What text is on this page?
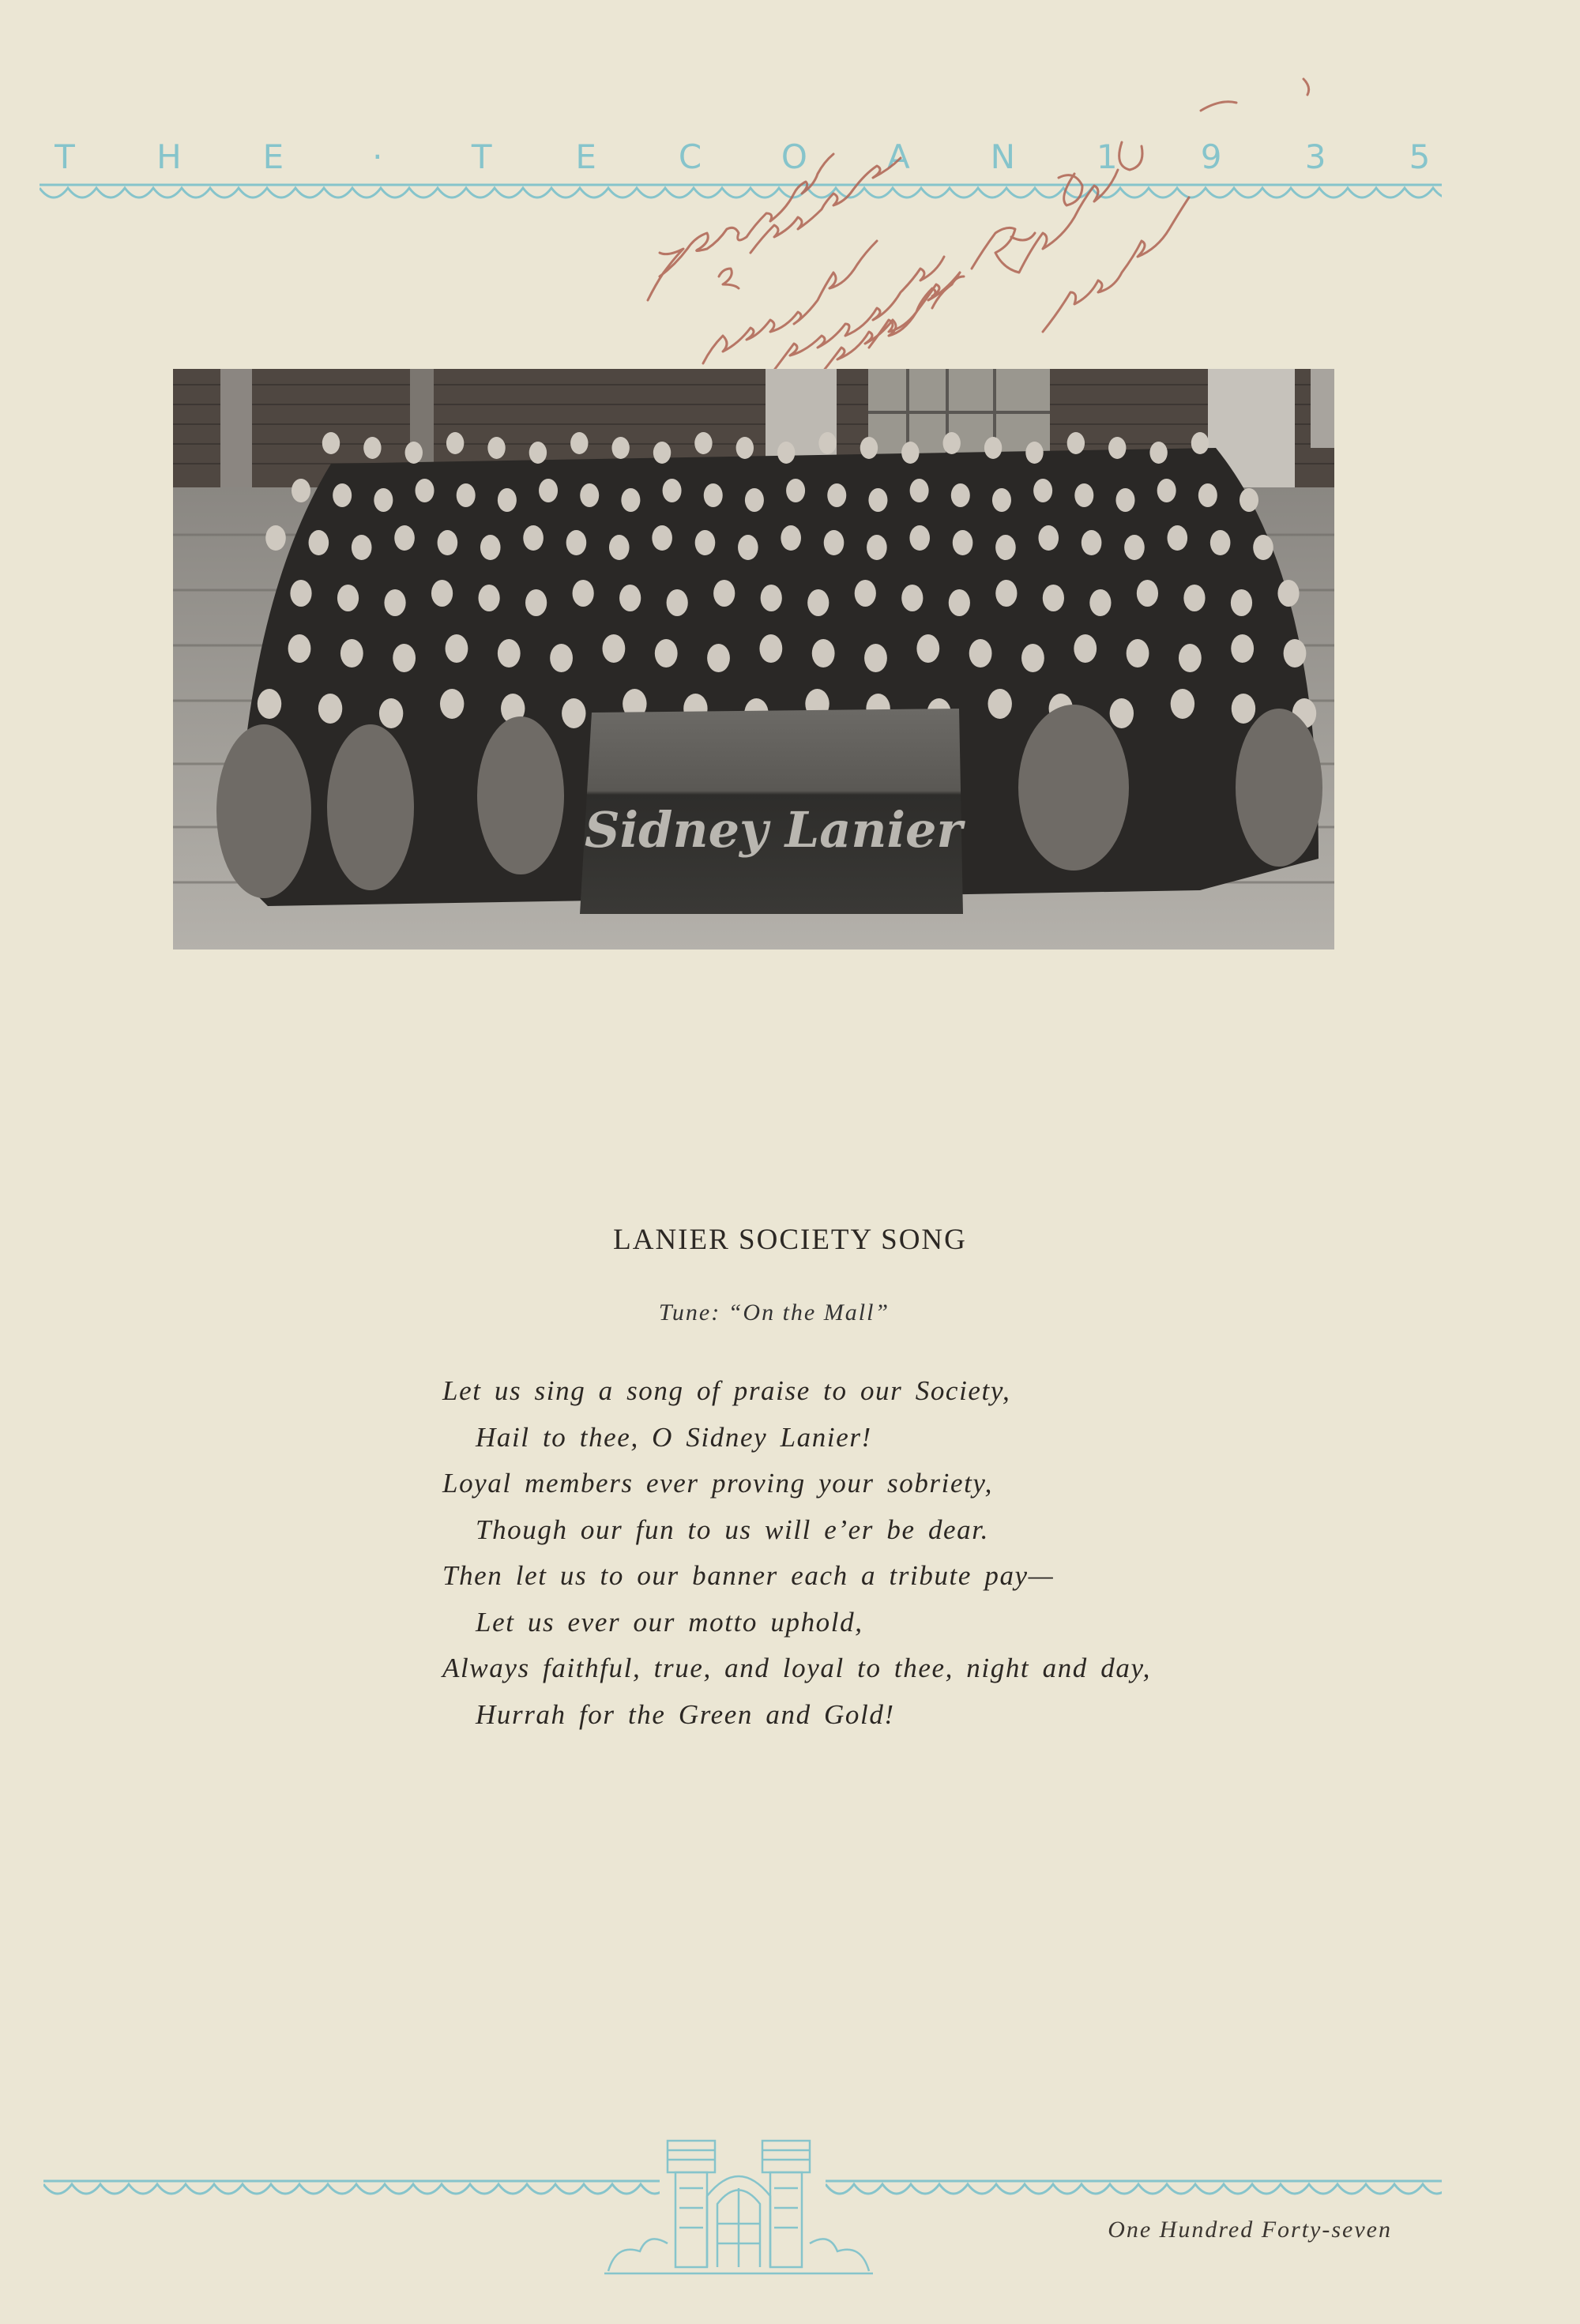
T	H	E	·	T	E	C	O	A	N	1	9	3	5
Sidney Lanier
LANIER SOCIETY SONG
Tune: “On the Mall”
Let us sing a song of praise to our Society,
Hail to thee, O Sidney Lanier!
Loyal members ever proving your sobriety,
Though our fun to us will e’er be dear.
Then let us to our banner each a tribute pay—
Let us ever our motto uphold,
Always faithful, true, and loyal to thee, night and day,
Hurrah for the Green and Gold!
One Hundred Forty-seven
